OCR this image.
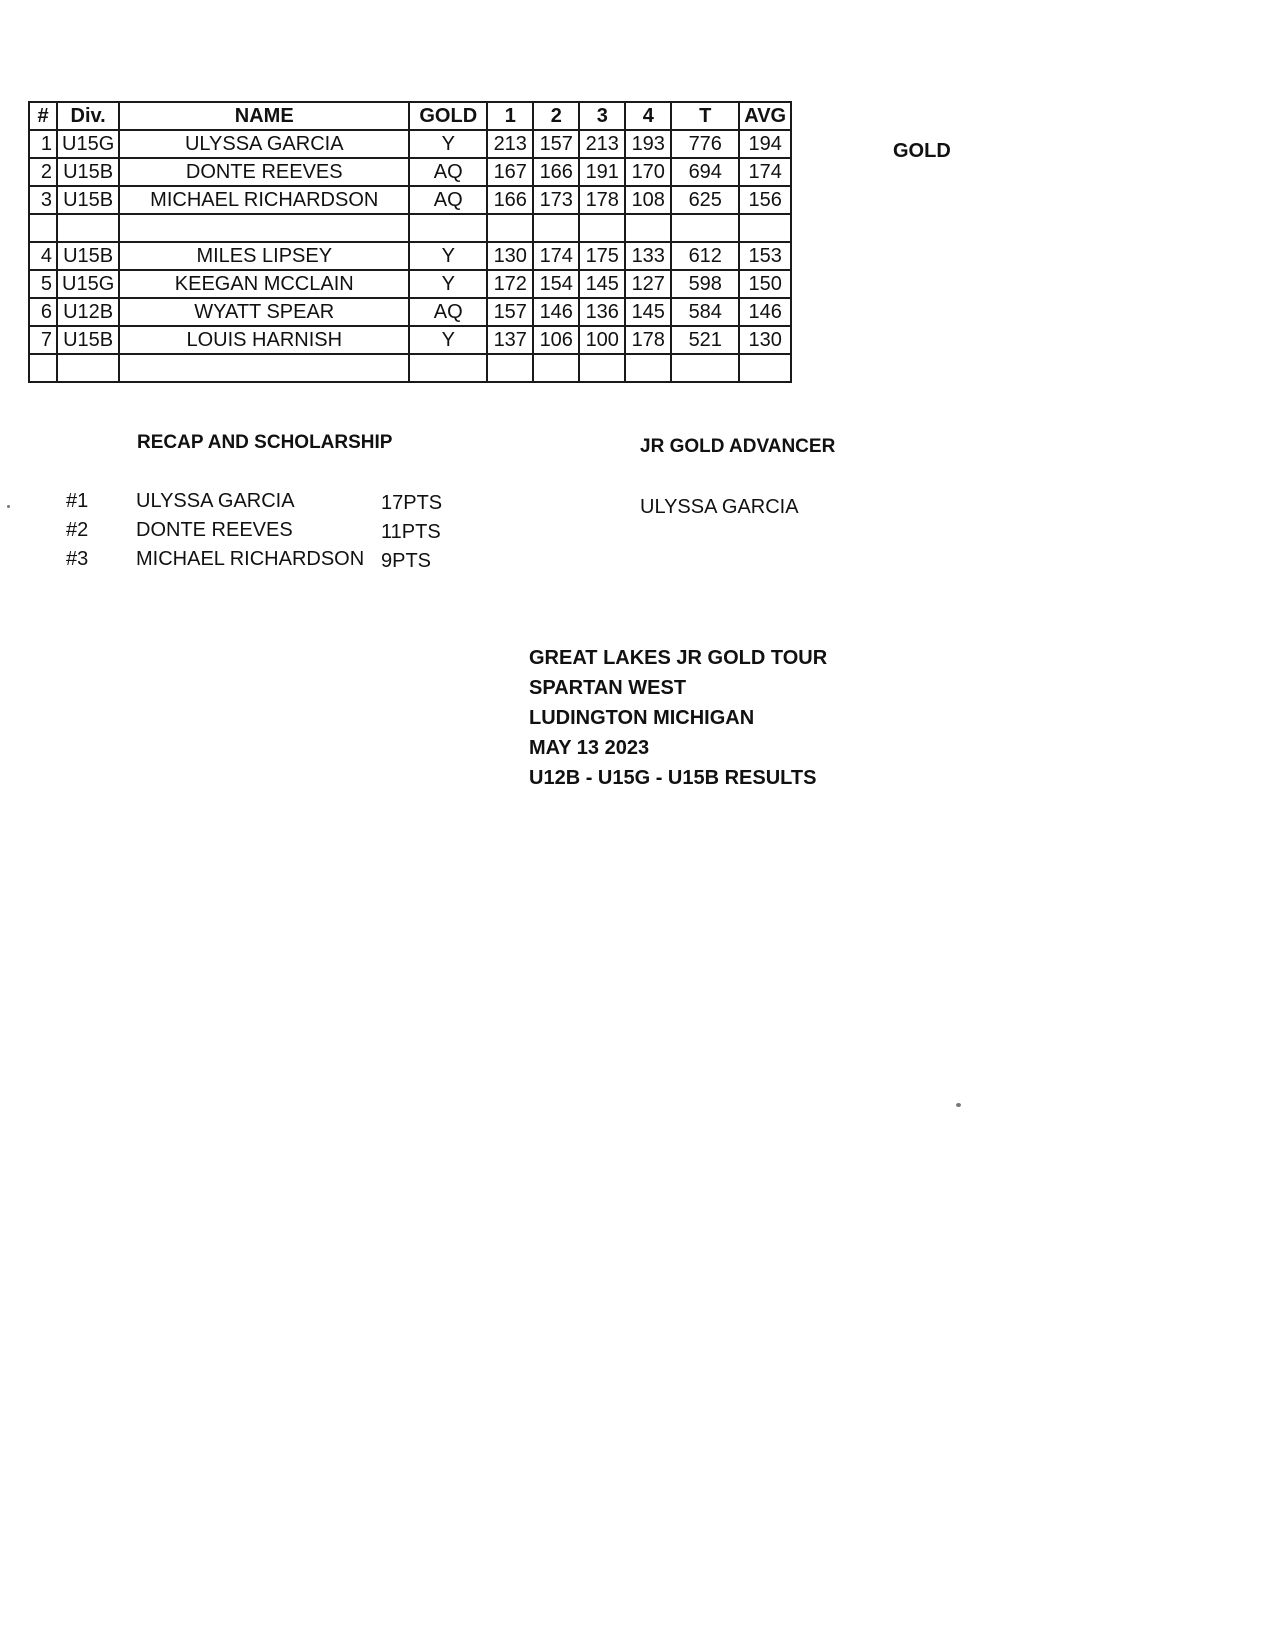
#	Div.	NAME	GOLD	1	2	3	4	T	AVG
1	U15G	ULYSSA GARCIA	Y	213	157	213	193	776	194
2	U15B	DONTE REEVES	AQ	167	166	191	170	694	174
3	U15B	MICHAEL RICHARDSON	AQ	166	173	178	108	625	156

4	U15B	MILES LIPSEY	Y	130	174	175	133	612	153
5	U15G	KEEGAN MCCLAIN	Y	172	154	145	127	598	150
6	U12B	WYATT SPEAR	AQ	157	146	136	145	584	146
7	U15B	LOUIS HARNISH	Y	137	106	100	178	521	130

GOLD
RECAP AND SCHOLARSHIP
#1 ULYSSA GARCIA	17PTS
#2 DONTE REEVES	11PTS
#3 MICHAEL RICHARDSON 9PTS
JR GOLD ADVANCER
ULYSSA GARCIA
GREAT LAKES JR GOLD TOUR
SPARTAN WEST
LUDINGTON MICHIGAN
MAY 13 2023
U12B - U15G - U15B RESULTS
